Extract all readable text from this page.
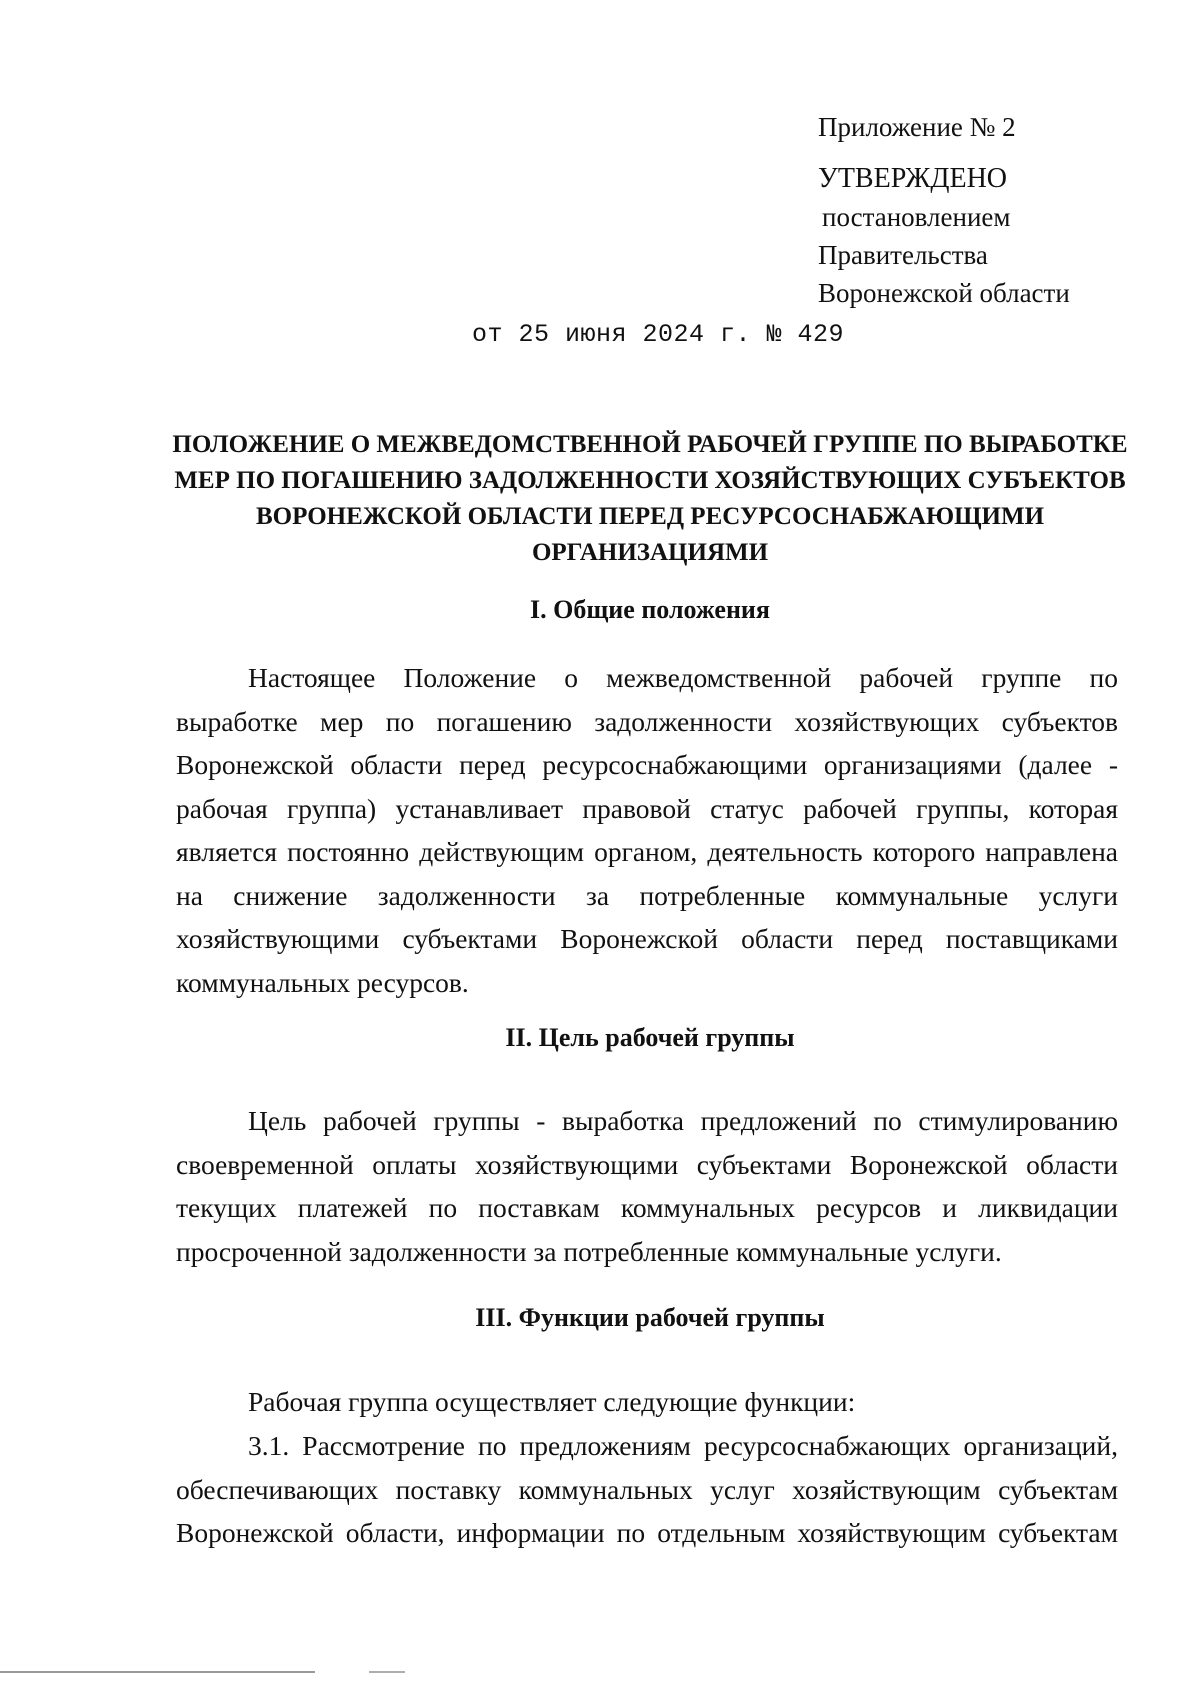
Приложение № 2
УТВЕРЖДЕНО
постановлением
Правительства
Воронежской области
от 25 июня 2024 г. № 429
ПОЛОЖЕНИЕ О МЕЖВЕДОМСТВЕННОЙ РАБОЧЕЙ ГРУППЕ ПО ВЫРАБОТКЕ МЕР ПО ПОГАШЕНИЮ ЗАДОЛЖЕННОСТИ ХОЗЯЙСТВУЮЩИХ СУБЪЕКТОВ ВОРОНЕЖСКОЙ ОБЛАСТИ ПЕРЕД РЕСУРСОСНАБЖАЮЩИМИ ОРГАНИЗАЦИЯМИ
I. Общие положения

Настоящее Положение о межведомственной рабочей группе по выработке мер по погашению задолженности хозяйствующих субъектов Воронежской области перед ресурсоснабжающими организациями (далее - рабочая группа) устанавливает правовой статус рабочей группы, которая является постоянно действующим органом, деятельность которого направлена на снижение задолженности за потребленные коммунальные услуги хозяйствующими субъектами Воронежской области перед поставщиками коммунальных ресурсов.

II. Цель рабочей группы

Цель рабочей группы - выработка предложений по стимулированию своевременной оплаты хозяйствующими субъектами Воронежской области текущих платежей по поставкам коммунальных ресурсов и ликвидации просроченной задолженности за потребленные коммунальные услуги.

III. Функции рабочей группы

Рабочая группа осуществляет следующие функции:

3.1. Рассмотрение по предложениям ресурсоснабжающих организаций, обеспечивающих поставку коммунальных услуг хозяйствующим субъектам Воронежской области, информации по отдельным хозяйствующим субъектам
